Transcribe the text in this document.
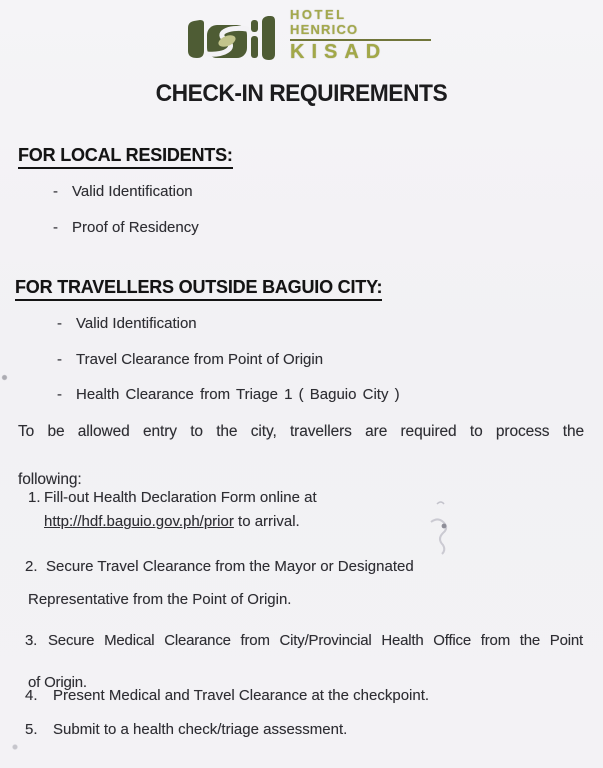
HOTEL
HENRICO
KISAD
CHECK-IN REQUIREMENTS
FOR LOCAL RESIDENTS:
- Valid Identification
- Proof of Residency
FOR TRAVELLERS OUTSIDE BAGUIO CITY:
- Valid Identification
- Travel Clearance from Point of Origin
- Health Clearance from Triage 1 ( Baguio City )
To be allowed entry to the city, travellers are required to process the
following:
1. Fill-out Health Declaration Form online at
http://hdf.baguio.gov.ph/prior to arrival.
2. Secure Travel Clearance from the Mayor or Designated
Representative from the Point of Origin.
3. Secure Medical Clearance from City/Provincial Health Office from the Point
of Origin.
4.	Present Medical and Travel Clearance at the checkpoint.
5.	Submit to a health check/triage assessment.
